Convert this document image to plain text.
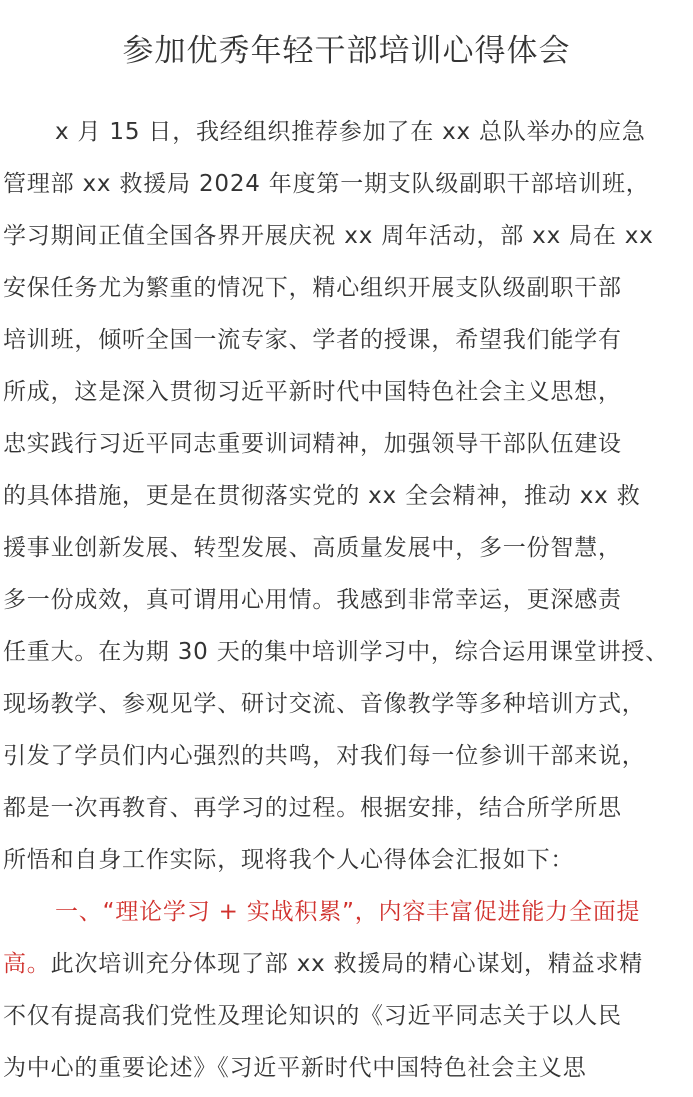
参加优秀年轻干部培训心得体会
x 月 15 日，我经组织推荐参加了在 xx 总队举办的应急
管理部 xx 救援局 2024 年度第一期支队级副职干部培训班，
学习期间正值全国各界开展庆祝 xx 周年活动，部 xx 局在 xx
安保任务尤为繁重的情况下，精心组织开展支队级副职干部
培训班，倾听全国一流专家、学者的授课，希望我们能学有
所成，这是深入贯彻习近平新时代中国特色社会主义思想，
忠实践行习近平同志重要训词精神，加强领导干部队伍建设
的具体措施，更是在贯彻落实党的 xx 全会精神，推动 xx 救
援事业创新发展、转型发展、高质量发展中，多一份智慧，
多一份成效，真可谓用心用情。我感到非常幸运，更深感责
任重大。在为期 30 天的集中培训学习中，综合运用课堂讲授、
现场教学、参观见学、研讨交流、音像教学等多种培训方式，
引发了学员们内心强烈的共鸣，对我们每一位参训干部来说，
都是一次再教育、再学习的过程。根据安排，结合所学所思
所悟和自身工作实际，现将我个人心得体会汇报如下：
一、“理论学习 + 实战积累”，内容丰富促进能力全面提
高。此次培训充分体现了部 xx 救援局的精心谋划，精益求精
不仅有提高我们党性及理论知识的《习近平同志关于以人民
为中心的重要论述》《习近平新时代中国特色社会主义思
